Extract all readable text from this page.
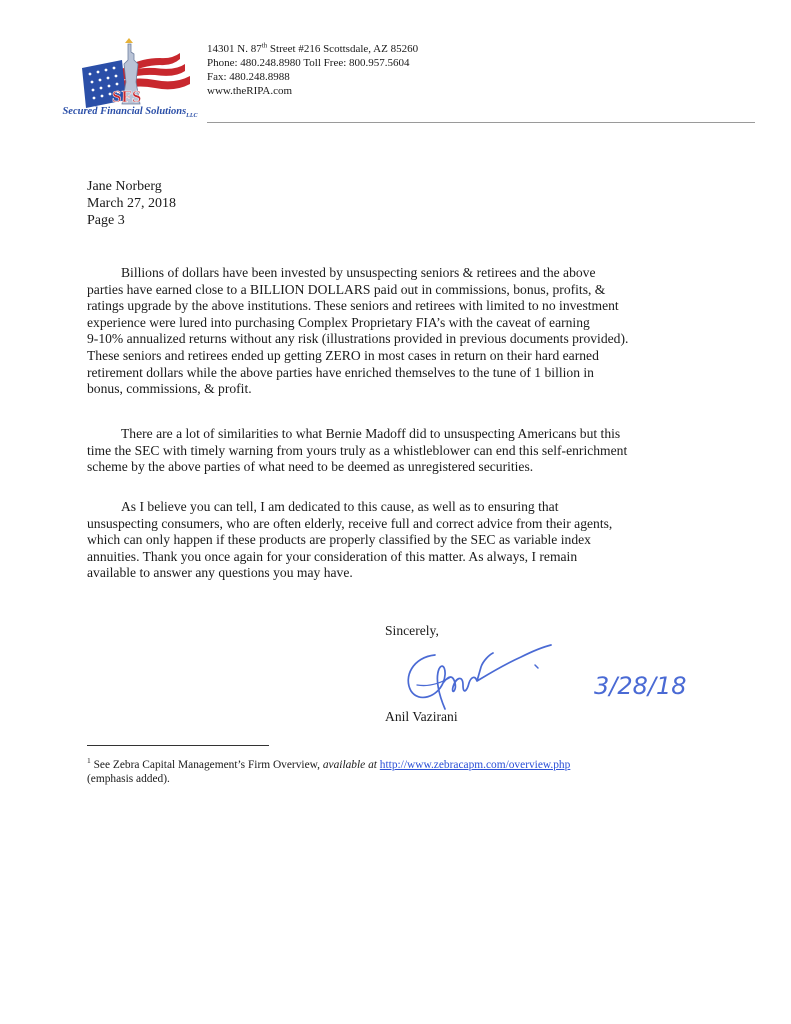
SFS
Secured Financial Solutions$_{LLC}$
14301 N. 87th Street #216 Scottsdale, AZ 85260
Phone: 480.248.8980 Toll Free: 800.957.5604
Fax: 480.248.8988
www.theRIPA.com
Jane Norberg
March 27, 2018
Page 3
Billions of dollars have been invested by unsuspecting seniors & retirees and the above
parties have earned close to a BILLION DOLLARS paid out in commissions, bonus, profits, &
ratings upgrade by the above institutions. These seniors and retirees with limited to no investment
experience were lured into purchasing Complex Proprietary FIA’s with the caveat of earning
9-10% annualized returns without any risk (illustrations provided in previous documents provided).
These seniors and retirees ended up getting ZERO in most cases in return on their hard earned
retirement dollars while the above parties have enriched themselves to the tune of 1 billion in
bonus, commissions, & profit.
There are a lot of similarities to what Bernie Madoff did to unsuspecting Americans but this
time the SEC with timely warning from yours truly as a whistleblower can end this self-enrichment
scheme by the above parties of what need to be deemed as unregistered securities.
As I believe you can tell, I am dedicated to this cause, as well as to ensuring that
unsuspecting consumers, who are often elderly, receive full and correct advice from their agents,
which can only happen if these products are properly classified by the SEC as variable index
annuities. Thank you once again for your consideration of this matter. As always, I remain
available to answer any questions you may have.
Sincerely,
Anil Vazirani
3/28/18
$^1$ See Zebra Capital Management’s Firm Overview, available at http://www.zebracapm.com/overview.php
(emphasis added).
